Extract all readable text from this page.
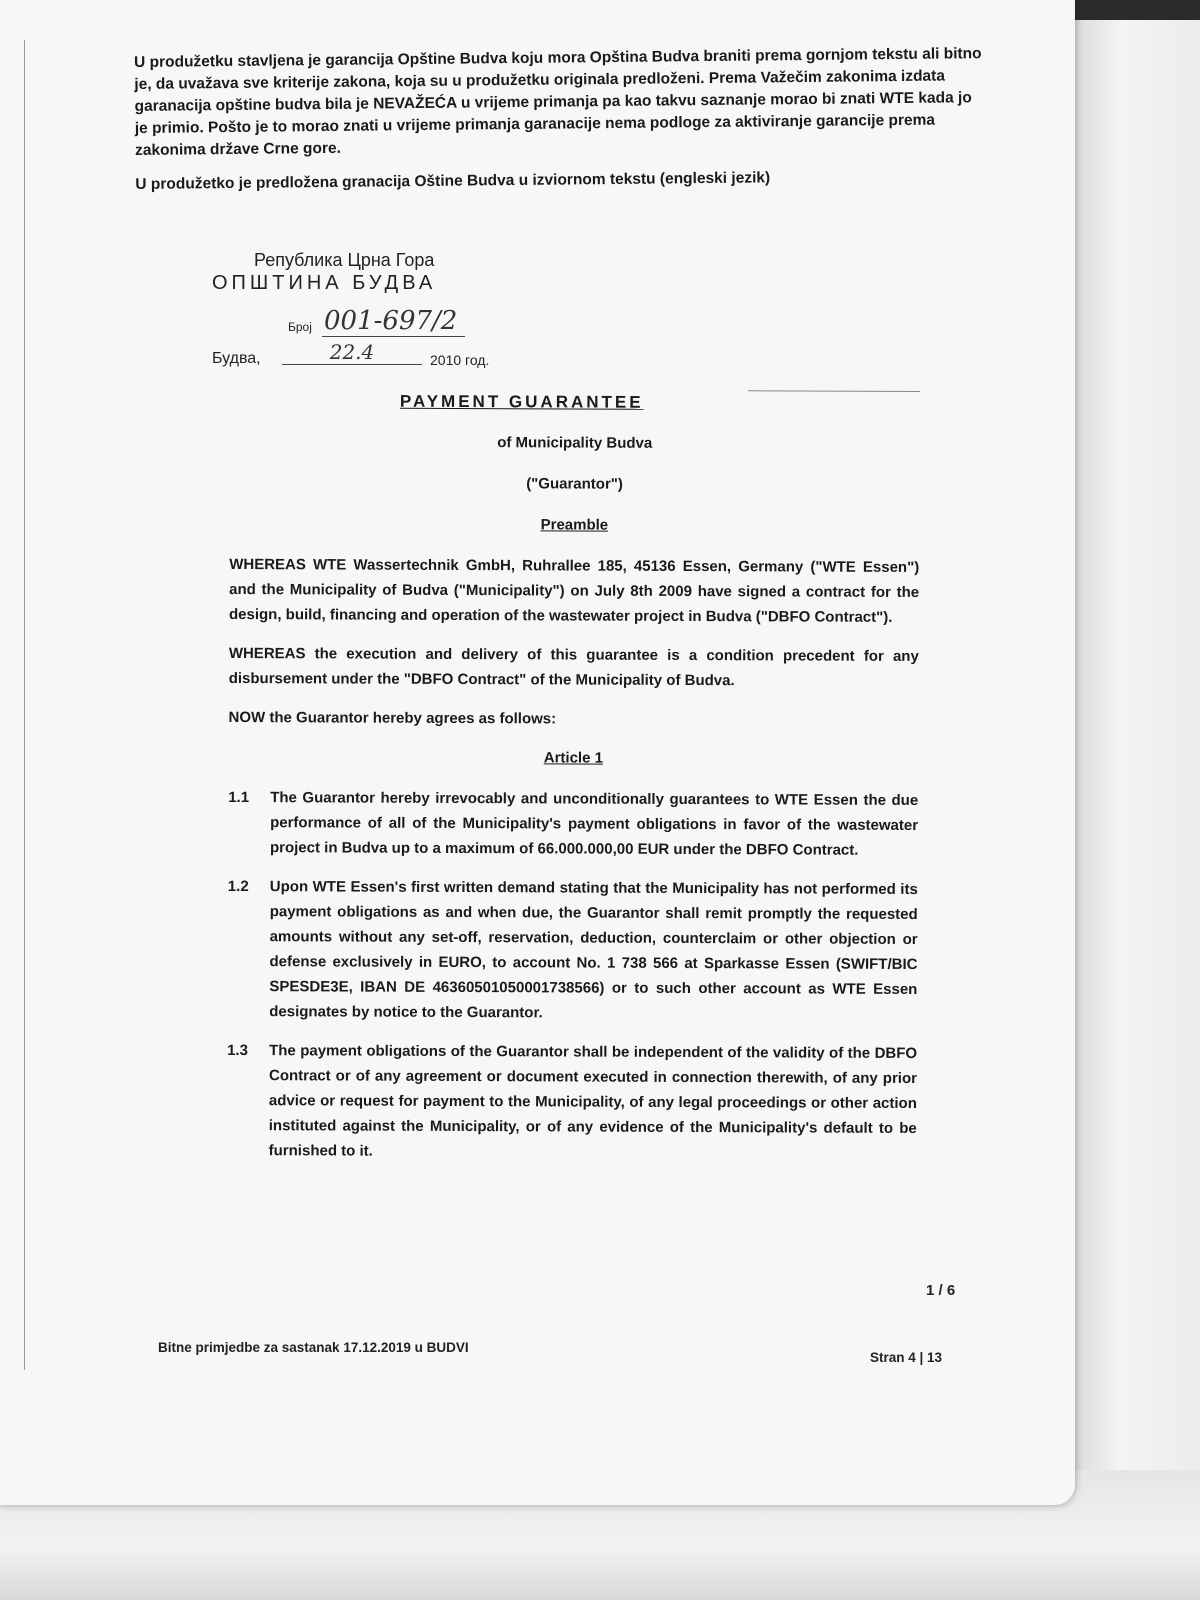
U produžetku stavljena je garancija Opštine Budva koju mora Opština Budva braniti prema gornjom tekstu ali bitno je, da uvažava sve kriterije zakona, koja su u produžetku originala predloženi. Prema Važečim zakonima izdata garanacija opštine budva bila je NEVAŽEĆA u vrijeme primanja pa kao takvu saznanje morao bi znati WTE kada jo je primio. Pošto je to morao znati u vrijeme primanja garanacije nema podloge za aktiviranje garancije prema zakonima države Crne gore.

U produžetko je predložena granacija Oštine Budva u izviornom tekstu (engleski jezik)

Република Црна Гора
ОПШТИНА БУДВА
Број 001-697/2
Будва,	22.4	2010 год.
PAYMENT GUARANTEE
of Municipality Budva
("Guarantor")
Preamble

WHEREAS WTE Wassertechnik GmbH, Ruhrallee 185, 45136 Essen, Germany ("WTE Essen") and the Municipality of Budva ("Municipality") on July 8th 2009 have signed a contract for the design, build, financing and operation of the wastewater project in Budva ("DBFO Contract").

WHEREAS the execution and delivery of this guarantee is a condition precedent for any disbursement under the "DBFO Contract" of the Municipality of Budva.

NOW the Guarantor hereby agrees as follows:

Article 1
1.1	The Guarantor hereby irrevocably and unconditionally guarantees to WTE Essen the due performance of all of the Municipality's payment obligations in favor of the wastewater project in Budva up to a maximum of 66.000.000,00 EUR under the DBFO Contract.
1.2	Upon WTE Essen's first written demand stating that the Municipality has not performed its payment obligations as and when due, the Guarantor shall remit promptly the requested amounts without any set-off, reservation, deduction, counterclaim or other objection or defense exclusively in EURO, to account No. 1 738 566 at Sparkasse Essen (SWIFT/BIC SPESDE3E, IBAN DE 46360501050001738566) or to such other account as WTE Essen designates by notice to the Guarantor.
1.3	The payment obligations of the Guarantor shall be independent of the validity of the DBFO Contract or of any agreement or document executed in connection therewith, of any prior advice or request for payment to the Municipality, of any legal proceedings or other action instituted against the Municipality, or of any evidence of the Municipality's default to be furnished to it.
1 / 6
Bitne primjedbe za sastanak 17.12.2019 u BUDVI
Stran 4 | 13
